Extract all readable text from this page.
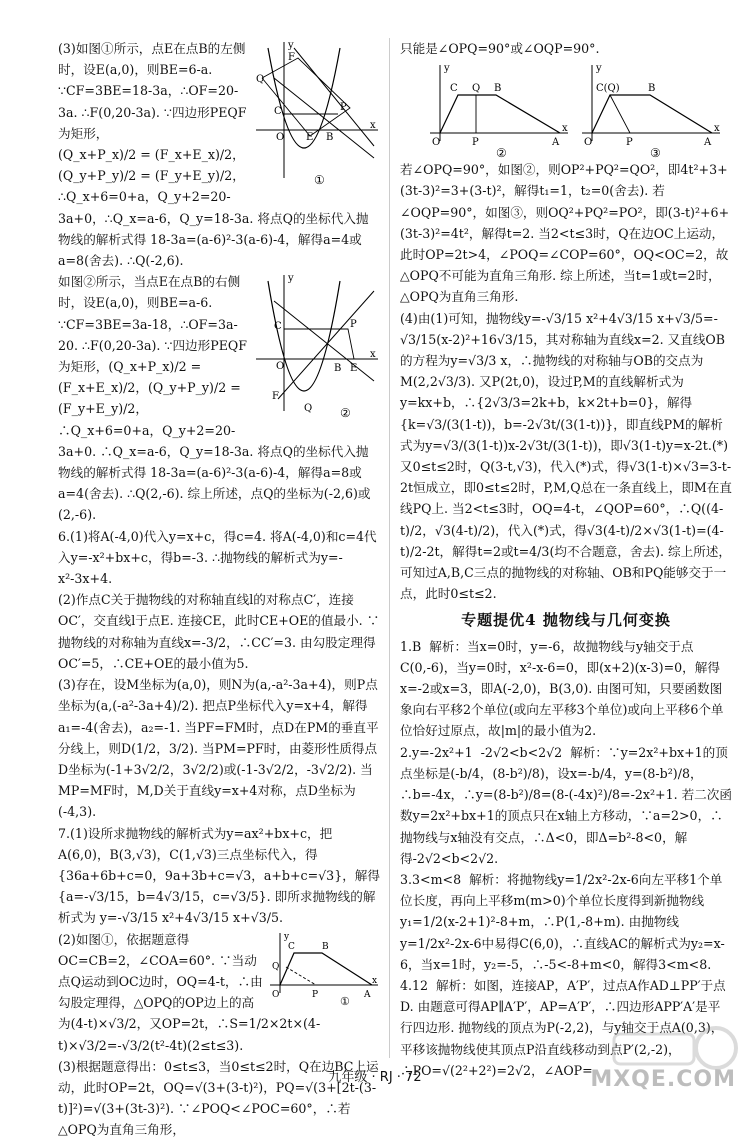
y
Q
F
C
O E B
P
x
①

(3)如图①所示，点E在点B的左侧时，设E(a,0)，则BE=6-a. ∵CF=3BE=18-3a，∴OF=20-3a. ∴F(0,20-3a). ∵四边形PEQF为矩形，

(Q_x+P_x)/2 = (F_x+E_x)/2，(Q_y+P_y)/2 = (F_y+E_y)/2，

∴Q_x+6=0+a，Q_y+2=20-3a+0，∴Q_x=a-6，Q_y=18-3a. 将点Q的坐标代入抛物线的解析式得 18-3a=(a-6)²-3(a-6)-4，解得a=4或a=8(舍去). ∴Q(-2,6).

y
C	P
E
B
F
O
Q
x
②

如图②所示，当点E在点B的右侧时，设E(a,0)，则BE=a-6. ∵CF=3BE=3a-18，∴OF=3a-20. ∴F(0,20-3a). ∵四边形PEQF为矩形，(Q_x+P_x)/2 =

(F_x+E_x)/2，(Q_y+P_y)/2 = (F_y+E_y)/2，∴Q_x+6=0+a，Q_y+2=20-3a+0. ∴Q_x=a-6，Q_y=18-3a. 将点Q的坐标代入抛物线的解析式得 18-3a=(a-6)²-3(a-6)-4，解得a=8或a=4(舍去). ∴Q(2,-6). 综上所述，点Q的坐标为(-2,6)或(2,-6).

6.(1)将A(-4,0)代入y=x+c，得c=4. 将A(-4,0)和c=4代入y=-x²+bx+c，得b=-3. ∴抛物线的解析式为y=-x²-3x+4.

(2)作点C关于抛物线的对称轴直线l的对称点C′，连接OC′，交直线l于点E. 连接CE，此时CE+OE的值最小. ∵抛物线的对称轴为直线x=-3/2，∴CC′=3. 由勾股定理得OC′=5，∴CE+OE的最小值为5.

(3)存在，设M坐标为(a,0)，则N为(a,-a²-3a+4)，则P点坐标为(a,(-a²-3a+4)/2). 把点P坐标代入y=x+4，解得a₁=-4(舍去)，a₂=-1. 当PF=FM时，点D在PM的垂直平分线上，则D(1/2，3/2). 当PM=PF时，由菱形性质得点D坐标为(-1+3√2/2，3√2/2)或(-1-3√2/2，-3√2/2). 当MP=MF时，M,D关于直线y=x+4对称，点D坐标为(-4,3).

7.(1)设所求抛物线的解析式为y=ax²+bx+c，把A(6,0)，B(3,√3)，C(1,√3)三点坐标代入，得 {36a+6b+c=0，9a+3b+c=√3，a+b+c=√3}，解得 {a=-√3/15，b=4√3/15，c=√3/5}. 即所求抛物线的解析式为 y=-√3/15 x²+4√3/15 x+√3/5.

y
C	B
Q
O	P	A
x
①

(2)如图①，依据题意得OC=CB=2，∠COA=60°. ∵当动点Q运动到OC边时，OQ=4-t，∴由勾股定理得，△OPQ的OP边上的高为(4-t)×√3/2，又OP=2t，∴S=1/2×2t×(4-t)×√3/2=-√3/2(t²-4t)(2≤t≤3).

(3)根据题意得出：0≤t≤3，当0≤t≤2时，Q在边BC上运动，此时OP=2t，OQ=√(3+(3-t)²)，PQ=√(3+[2t-(3-t)]²)=√(3+(3t-3)²). ∵∠POQ<∠POC=60°，∴若△OPQ为直角三角形，

只能是∠OPQ=90°或∠OQP=90°.

y
C Q B
O	P	A
x
②
y
C(Q)	B
O	P	A
x
③

若∠OPQ=90°，如图②，则OP²+PQ²=QO²，即4t²+3+(3t-3)²=3+(3-t)²，解得t₁=1，t₂=0(舍去). 若∠OQP=90°，如图③，则OQ²+PQ²=PO²，即(3-t)²+6+(3t-3)²=4t²，解得t=2. 当2<t≤3时，Q在边OC上运动，此时OP=2t>4，∠POQ=∠COP=60°，OQ<OC=2，故△OPQ不可能为直角三角形. 综上所述，当t=1或t=2时，△OPQ为直角三角形.

(4)由(1)可知，抛物线y=-√3/15 x²+4√3/15 x+√3/5=-√3/15(x-2)²+16√3/15，其对称轴为直线x=2. 又直线OB的方程为y=√3/3 x，∴抛物线的对称轴与OB的交点为M(2,2√3/3). 又P(2t,0)，设过P,M的直线解析式为y=kx+b，∴{2√3/3=2k+b，k×2t+b=0}，解得 {k=√3/(3(1-t))，b=-2√3t/(3(1-t))}，即直线PM的解析式为y=√3/(3(1-t))x-2√3t/(3(1-t))，即√3(1-t)y=x-2t.(*) 又0≤t≤2时，Q(3-t,√3)，代入(*)式，得√3(1-t)×√3=3-t-2t恒成立，即0≤t≤2时，P,M,Q总在一条直线上，即M在直线PQ上. 当2<t≤3时，OQ=4-t，∠QOP=60°，∴Q((4-t)/2，√3(4-t)/2)，代入(*)式，得√3(4-t)/2×√3(1-t)=(4-t)/2-2t，解得t=2或t=4/3(均不合题意，舍去). 综上所述，可知过A,B,C三点的抛物线的对称轴、OB和PQ能够交于一点，此时0≤t≤2.

专题提优4 抛物线与几何变换

1.B  解析：当x=0时，y=-6，故抛物线与y轴交于点C(0,-6)，当y=0时，x²-x-6=0，即(x+2)(x-3)=0，解得x=-2或x=3，即A(-2,0)，B(3,0). 由图可知，只要函数图象向右平移2个单位(或向左平移3个单位)或向上平移6个单位恰好过原点，故|m|的最小值为2.

2.y=-2x²+1  -2√2<b<2√2  解析：∵y=2x²+bx+1的顶点坐标是(-b/4，(8-b²)/8)，设x=-b/4，y=(8-b²)/8，∴b=-4x，∴y=(8-b²)/8=(8-(-4x)²)/8=-2x²+1. 若二次函数y=2x²+bx+1的顶点只在x轴上方移动，∵a=2>0，∴抛物线与x轴没有交点，∴Δ<0，即Δ=b²-8<0，解得-2√2<b<2√2.

3.3<m<8  解析：将抛物线y=1/2x²-2x-6向左平移1个单位长度，再向上平移m(m>0)个单位长度得到新抛物线y₁=1/2(x-2+1)²-8+m，∴P(1,-8+m). 由抛物线y=1/2x²-2x-6中易得C(6,0)，∴直线AC的解析式为y₂=x-6，当x=1时，y₂=-5，∴-5<-8+m<0，解得3<m<8.

4.12  解析：如图，连接AP，A′P′，过点A作AD⊥PP′于点D. 由题意可得AP∥A′P′，AP=A′P′，∴四边形APP′A′是平行四边形. 抛物线的顶点为P(-2,2)，与y轴交于点A(0,3)，平移该抛物线使其顶点P沿直线移动到点P′(2,-2)，∴PO=√(2²+2²)=2√2，∠AOP=

九年级 · RJ · 72	MXQE.COM
